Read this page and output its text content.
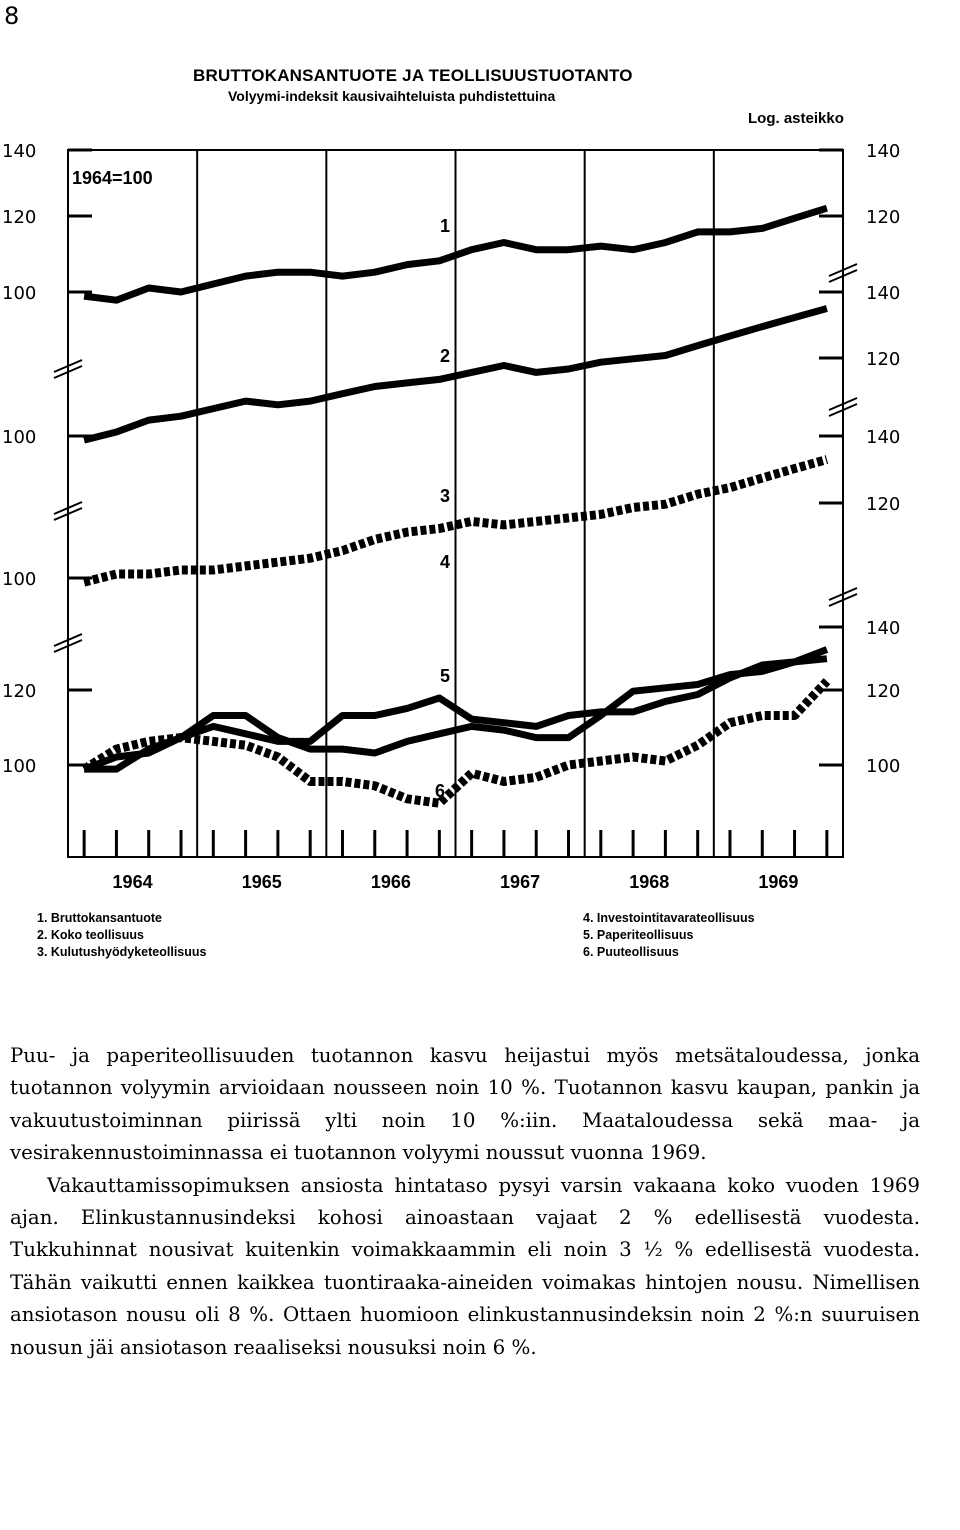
8
BRUTTOKANSANTUOTE JA TEOLLISUUSTUOTANTO
Volyymi-indeksit kausivaihteluista puhdistettuina
Log. asteikko
140
120
100
100
100
120
100
140
120
140
120
140
120
140
120
100
1
2
3
4
5
6
1964	1965	1966	1967	1968	1969
1964=100
1. Bruttokansantuote
2. Koko teollisuus
3. Kulutushyödyketeollisuus
4. Investointitavarateollisuus
5. Paperiteollisuus
6. Puuteollisuus

Puu- ja paperiteollisuuden tuotannon kasvu heijastui myös metsätaloudessa, jonka tuotannon volyymin arvioidaan nousseen noin 10 %. Tuotannon kasvu kaupan, pankin ja vakuutustoiminnan piirissä ylti noin 10 %:iin. Maataloudessa sekä maa- ja vesirakennustoiminnassa ei tuotannon volyymi noussut vuonna 1969.

Vakauttamissopimuksen ansiosta hintataso pysyi varsin vakaana koko vuoden 1969 ajan. Elinkustannusindeksi kohosi ainoastaan vajaat 2 % edellisestä vuodesta. Tukkuhinnat nousivat kuitenkin voimakkaammin eli noin 3 ½ % edellisestä vuodesta. Tähän vaikutti ennen kaikkea tuontiraaka-aineiden voimakas hintojen nousu. Nimellisen ansiotason nousu oli 8 %. Ottaen huomioon elinkustannusindeksin noin 2 %:n suuruisen nousun jäi ansiotason reaaliseksi nousuksi noin 6 %.
